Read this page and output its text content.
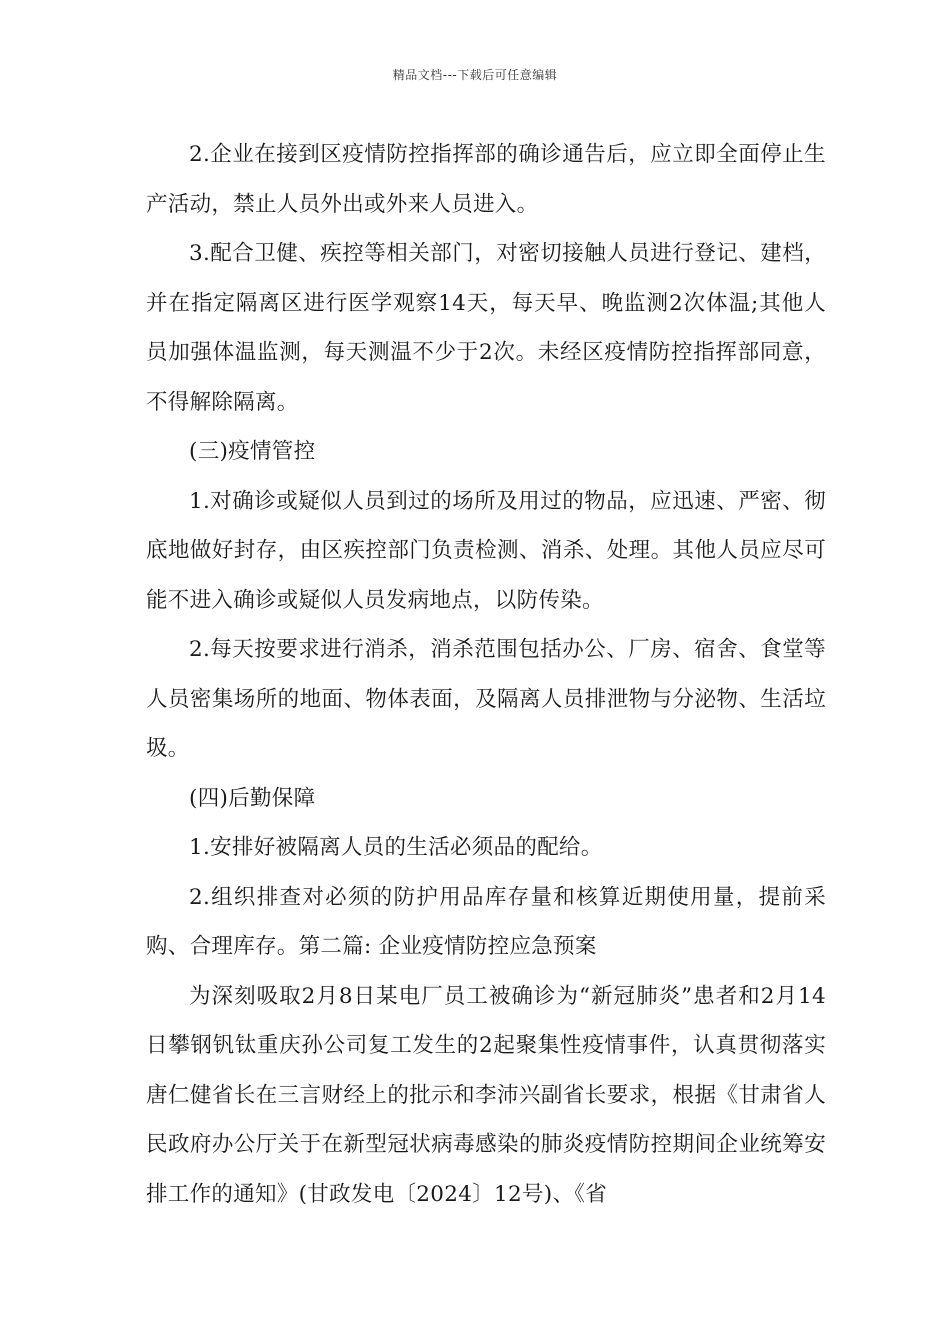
精品文档---下载后可任意编辑

2.企业在接到区疫情防控指挥部的确诊通告后，应立即全面停止生产活动，禁止人员外出或外来人员进入。

3.配合卫健、疾控等相关部门，对密切接触人员进行登记、建档，并在指定隔离区进行医学观察14天，每天早、晚监测2次体温;其他人员加强体温监测，每天测温不少于2次。未经区疫情防控指挥部同意，不得解除隔离。

(三)疫情管控

1.对确诊或疑似人员到过的场所及用过的物品，应迅速、严密、彻底地做好封存，由区疾控部门负责检测、消杀、处理。其他人员应尽可能不进入确诊或疑似人员发病地点，以防传染。

2.每天按要求进行消杀，消杀范围包括办公、厂房、宿舍、食堂等人员密集场所的地面、物体表面，及隔离人员排泄物与分泌物、生活垃圾。

(四)后勤保障

1.安排好被隔离人员的生活必须品的配给。

2.组织排查对必须的防护用品库存量和核算近期使用量，提前采购、合理库存。第二篇: 企业疫情防控应急预案

为深刻吸取2月8日某电厂员工被确诊为“新冠肺炎”患者和2月14日攀钢钒钛重庆孙公司复工发生的2起聚集性疫情事件，认真贯彻落实唐仁健省长在三言财经上的批示和李沛兴副省长要求，根据《甘肃省人民政府办公厅关于在新型冠状病毒感染的肺炎疫情防控期间企业统筹安排工作的通知》(甘政发电〔2024〕12号)、《省
